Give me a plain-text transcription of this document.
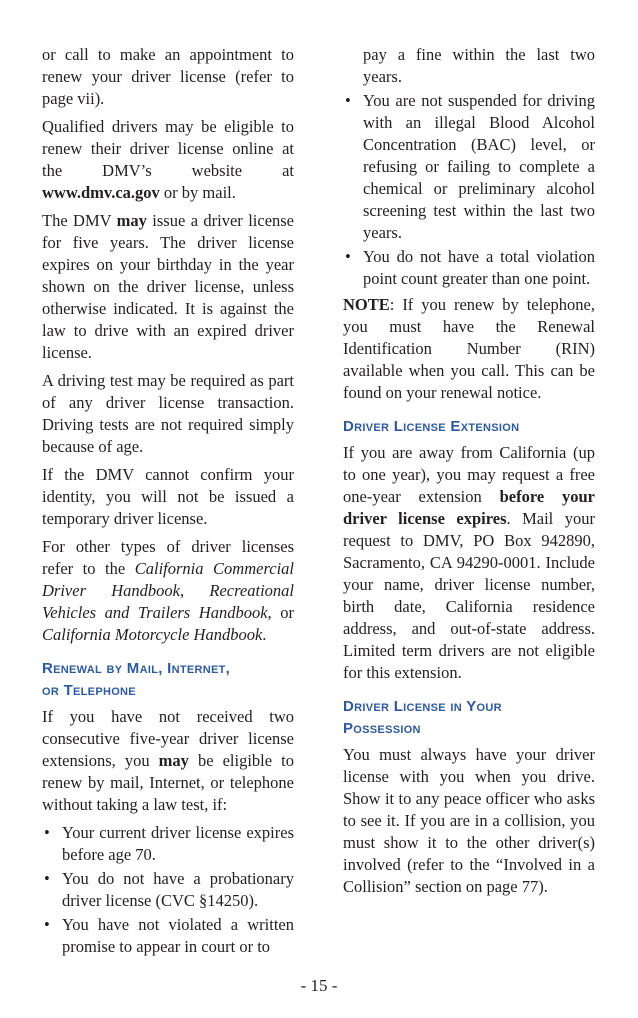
or call to make an appointment to renew your driver license (refer to page vii).

Qualified drivers may be eligible to renew their driver license online at the DMV’s website at www.dmv.ca.gov or by mail.

The DMV may issue a driver license for five years. The driver license expires on your birthday in the year shown on the driver license, unless otherwise indicated. It is against the law to drive with an expired driver license.

A driving test may be required as part of any driver license transaction. Driving tests are not required simply because of age.

If the DMV cannot confirm your identity, you will not be issued a temporary driver license.

For other types of driver licenses refer to the California Commercial Driver Handbook, Recreational Vehicles and Trailers Handbook, or California Motorcycle Handbook.

Renewal by Mail, Internet,
or Telephone

If you have not received two consecutive five-year driver license extensions, you may be eligible to renew by mail, Internet, or telephone without taking a law test, if:

• Your current driver license expires before age 70.
• You do not have a probationary driver license (CVC §14250).
• You have not violated a written promise to appear in court or to
pay a fine within the last two years.
• You are not suspended for driving with an illegal Blood Alcohol Concentration (BAC) level, or refusing or failing to complete a chemical or preliminary alcohol screening test within the last two years.
• You do not have a total violation point count greater than one point.

NOTE: If you renew by telephone, you must have the Renewal Identification Number (RIN) available when you call. This can be found on your renewal notice.

Driver License Extension

If you are away from California (up to one year), you may request a free one-year extension before your driver license expires. Mail your request to DMV, PO Box 942890, Sacramento, CA 94290-0001. Include your name, driver license number, birth date, California residence address, and out-of-state address. Limited term drivers are not eligible for this extension.

Driver License in Your
Possession

You must always have your driver license with you when you drive. Show it to any peace officer who asks to see it. If you are in a collision, you must show it to the other driver(s) involved (refer to the “Involved in a Collision” section on page 77).

- 15 -
